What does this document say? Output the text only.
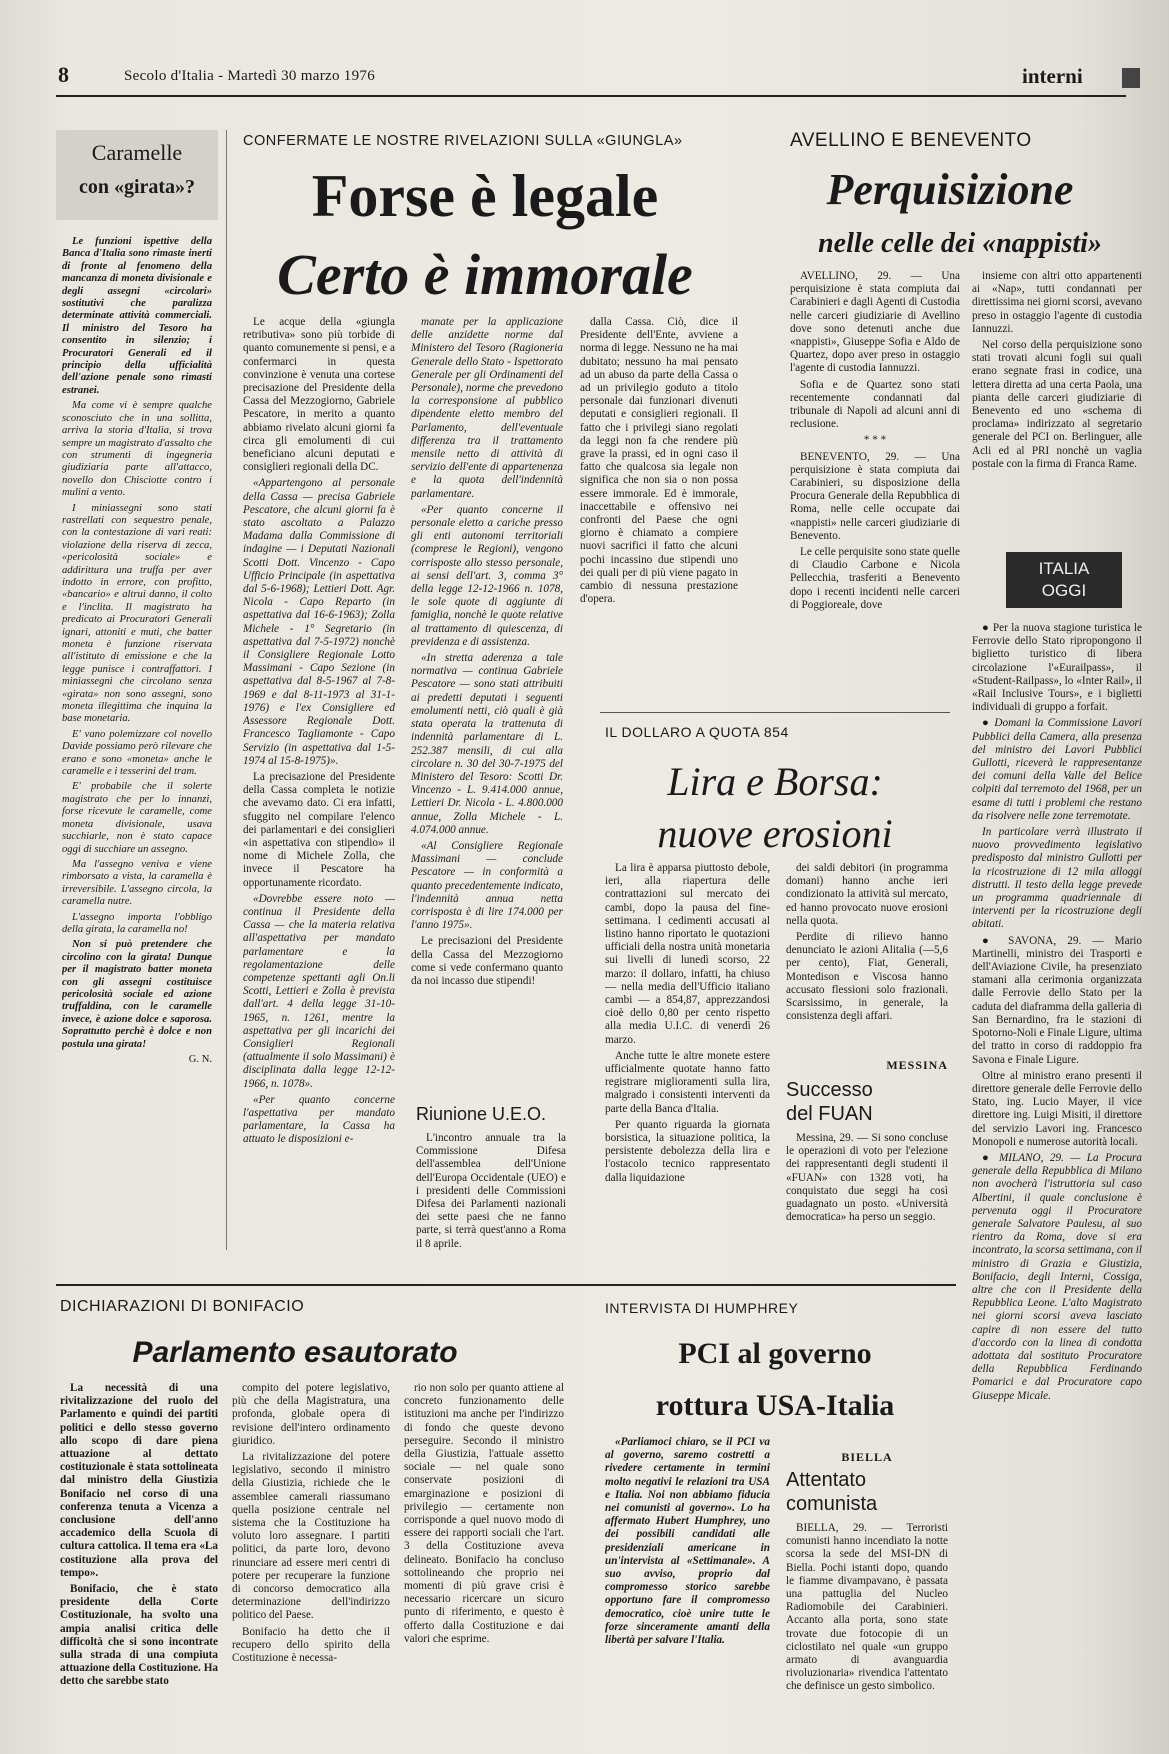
8	Secolo d'Italia - Martedì 30 marzo 1976	interni
Caramelle
con «girata»?

Le funzioni ispettive della Banca d'Italia sono rimaste inerti di fronte al fenomeno della mancanza di moneta divisionale e degli assegni «circolari» sostitutivi che paralizza determinate attività commerciali. Il ministro del Tesoro ha consentito in silenzio; i Procuratori Generali ed il principio della ufficialità dell'azione penale sono rimasti estranei.

Ma come vi è sempre qualche sconosciuto che in una sollitta, arriva la storia d'Italia, si trova sempre un magistrato d'assalto che con strumenti di ingegneria giudiziaria parte all'attacco, novello don Chisciotte contro i mulini a vento.

I miniassegni sono stati rastrellati con sequestro penale, con la contestazione di vari reati: violazione della riserva di zecca, «pericolosità sociale» e addirittura una truffa per aver indotto in errore, con profitto, «bancario» e altrui danno, il colto e l'inclita. Il magistrato ha predicato ai Procuratori Generali ignari, attoniti e muti, che batter moneta è funzione riservata all'istituto di emissione e che la legge punisce i contraffattori. I miniassegni che circolano senza «girata» non sono assegni, sono moneta illegittima che inquina la base monetaria.

E' vano polemizzare col novello Davide possiamo però rilevare che erano e sono «moneta» anche le caramelle e i tesserini del tram.

E' probabile che il solerte magistrato che per lo innanzi, forse ricevute le caramelle, come moneta divisionale, usava succhiarle, non è stato capace oggi di succhiare un assegno.

Ma l'assegno veniva e viene rimborsato a vista, la caramella è irreversibile. L'assegno circola, la caramella nutre.

L'assegno importa l'obbligo della girata, la caramella no!

Non si può pretendere che circolino con la girata! Dunque per il magistrato batter moneta con gli assegni costituisce pericolosità sociale ed azione truffaldina, con le caramelle invece, è azione dolce e saporosa. Soprattutto perchè è dolce e non postula una girata!

G. N.
CONFERMATE LE NOSTRE RIVELAZIONI SULLA «GIUNGLA»
Forse è legale
Certo è immorale

Le acque della «giungla retributiva» sono più torbide di quanto comunemente si pensi, e a confermarci in questa convinzione è venuta una cortese precisazione del Presidente della Cassa del Mezzogiorno, Gabriele Pescatore, in merito a quanto abbiamo rivelato alcuni giorni fa circa gli emolumenti di cui beneficiano alcuni deputati e consiglieri regionali della DC.

«Appartengono al personale della Cassa — precisa Gabriele Pescatore, che alcuni giorni fa è stato ascoltato a Palazzo Madama dalla Commissione di indagine — i Deputati Nazionali Scotti Dott. Vincenzo - Capo Ufficio Principale (in aspettativa dal 5-6-1968); Lettieri Dott. Agr. Nicola - Capo Reparto (in aspettativa dal 16-6-1963); Zolla Michele - 1° Segretario (in aspettativa dal 7-5-1972) nonchè il Consigliere Regionale Lotto Massimani - Capo Sezione (in aspettativa dal 8-5-1967 al 7-8-1969 e dal 8-11-1973 al 31-1-1976) e l'ex Consigliere ed Assessore Regionale Dott. Francesco Tagliamonte - Capo Servizio (in aspettativa dal 1-5-1974 al 15-8-1975)».

La precisazione del Presidente della Cassa completa le notizie che avevamo dato. Ci era infatti, sfuggito nel compilare l'elenco dei parlamentari e dei consiglieri «in aspettativa con stipendio» il nome di Michele Zolla, che invece il Pescatore ha opportunamente ricordato.

«Dovrebbe essere noto — continua il Presidente della Cassa — che la materia relativa all'aspettativa per mandato parlamentare e la regolamentazione delle competenze spettanti agli On.li Scotti, Lettieri e Zolla è prevista dall'art. 4 della legge 31-10-1965, n. 1261, mentre la aspettativa per gli incarichi dei Consiglieri Regionali (attualmente il solo Massimani) è disciplinata dalla legge 12-12-1966, n. 1078».

«Per quanto concerne l'aspettativa per mandato parlamentare, la Cassa ha attuato le disposizioni e-

manate per la applicazione delle anzidette norme dal Ministero del Tesoro (Ragioneria Generale dello Stato - Ispettorato Generale per gli Ordinamenti del Personale), norme che prevedono la corresponsione al pubblico dipendente eletto membro del Parlamento, dell'eventuale differenza tra il trattamento mensile netto di attività di servizio dell'ente di appartenenza e la quota dell'indennità parlamentare.

«Per quanto concerne il personale eletto a cariche presso gli enti autonomi territoriali (comprese le Regioni), vengono corrisposte allo stesso personale, ai sensi dell'art. 3, comma 3° della legge 12-12-1966 n. 1078, le sole quote di aggiunte di famiglia, nonchè le quote relative al trattamento di quiescenza, di previdenza e di assistenza.

«In stretta aderenza a tale normativa — continua Gabriele Pescatore — sono stati attribuiti ai predetti deputati i seguenti emolumenti netti, ciò quali è già stata operata la trattenuta di indennità parlamentare di L. 252.387 mensili, di cui alla circolare n. 30 del 30-7-1975 del Ministero del Tesoro: Scotti Dr. Vincenzo - L. 9.414.000 annue, Lettieri Dr. Nicola - L. 4.800.000 annue, Zolla Michele - L. 4.074.000 annue.

«Al Consigliere Regionale Massimani — conclude Pescatore — in conformità a quanto precedentemente indicato, l'indennità annua netta corrisposta è di lire 174.000 per l'anno 1975».

Le precisazioni del Presidente della Cassa del Mezzogiorno come si vede confermano quanto da noi incasso due stipendi!

dalla Cassa. Ciò, dice il Presidente dell'Ente, avviene a norma di legge. Nessuno ne ha mai dubitato; nessuno ha mai pensato ad un abuso da parte della Cassa o ad un privilegio goduto a titolo personale dai funzionari divenuti deputati e consiglieri regionali. Il fatto che i privilegi siano regolati da leggi non fa che rendere più grave la prassi, ed in ogni caso il fatto che qualcosa sia legale non significa che non sia o non possa essere immorale. Ed è immorale, inaccettabile e offensivo nei confronti del Paese che ogni giorno è chiamato a compiere nuovi sacrifici il fatto che alcuni pochi incassino due stipendi uno dei quali per di più viene pagato in cambio di nessuna prestazione d'opera.

Riunione U.E.O.

L'incontro annuale tra la Commissione Difesa dell'assemblea dell'Unione dell'Europa Occidentale (UEO) e i presidenti delle Commissioni Difesa dei Parlamenti nazionali dei sette paesi che ne fanno parte, si terrà quest'anno a Roma il 8 aprile.

AVELLINO E BENEVENTO
Perquisizione
nelle celle dei «nappisti»

AVELLINO, 29. — Una perquisizione è stata compiuta dai Carabinieri e dagli Agenti di Custodia nelle carceri giudiziarie di Avellino dove sono detenuti anche due «nappisti», Giuseppe Sofia e Aldo de Quartez, dopo aver preso in ostaggio l'agente di custodia Iannuzzi.

Sofia e de Quartez sono stati recentemente condannati dal tribunale di Napoli ad alcuni anni di reclusione.

* * *

BENEVENTO, 29. — Una perquisizione è stata compiuta dai Carabinieri, su disposizione della Procura Generale della Repubblica di Roma, nelle celle occupate dai «nappisti» nelle carceri giudiziarie di Benevento.

Le celle perquisite sono state quelle di Claudio Carbone e Nicola Pellecchia, trasferiti a Benevento dopo i recenti incidenti nelle carceri di Poggioreale, dove

insieme con altri otto appartenenti ai «Nap», tutti condannati per direttissima nei giorni scorsi, avevano preso in ostaggio l'agente di custodia Iannuzzi.

Nel corso della perquisizione sono stati trovati alcuni fogli sui quali erano segnate frasi in codice, una lettera diretta ad una certa Paola, una pianta delle carceri giudiziarie di Benevento ed uno «schema di proclama» indirizzato al segretario generale del PCI on. Berlinguer, alle Acli ed al PRI nonchè un vaglia postale con la firma di Franca Rame.

ITALIA
OGGI

● Per la nuova stagione turistica le Ferrovie dello Stato ripropongono il biglietto turistico di libera circolazione l'«Eurailpass», il «Student-Railpass», lo «Inter Rail», il «Rail Inclusive Tours», e i biglietti individuali di gruppo a forfait.

● Domani la Commissione Lavori Pubblici della Camera, alla presenza del ministro dei Lavori Pubblici Gullotti, riceverà le rappresentanze dei comuni della Valle del Belice colpiti dal terremoto del 1968, per un esame di tutti i problemi che restano da risolvere nelle zone terremotate.

In particolare verrà illustrato il nuovo provvedimento legislativo predisposto dal ministro Gullotti per la ricostruzione di 12 mila alloggi distrutti. Il testo della legge prevede un programma quadriennale di interventi per la ricostruzione degli abitati.

● SAVONA, 29. — Mario Martinelli, ministro dei Trasporti e dell'Aviazione Civile, ha presenziato stamani alla cerimonia organizzata dalle Ferrovie dello Stato per la caduta del diaframma della galleria di San Bernardino, fra le stazioni di Spotorno-Noli e Finale Ligure, ultima del tratto in corso di raddoppio fra Savona e Finale Ligure.

Oltre al ministro erano presenti il direttore generale delle Ferrovie dello Stato, ing. Lucio Mayer, il vice direttore ing. Luigi Misiti, il direttore del servizio Lavori ing. Francesco Monopoli e numerose autorità locali.

● MILANO, 29. — La Procura generale della Repubblica di Milano non avocherà l'istruttoria sul caso Albertini, il quale conclusione è pervenuta oggi il Procuratore generale Salvatore Paulesu, al suo rientro da Roma, dove si era incontrato, la scorsa settimana, con il ministro di Grazia e Giustizia, Bonifacio, degli Interni, Cossiga, altre che con il Presidente della Repubblica Leone. L'alto Magistrato nei giorni scorsi aveva lasciato capire di non essere del tutto d'accordo con la linea di condotta adottata dal sostituto Procuratore della Repubblica Ferdinando Pomarici e dal Procuratore capo Giuseppe Micale.

IL DOLLARO A QUOTA 854
Lira e Borsa:
nuove erosioni

La lira è apparsa piuttosto debole, ieri, alla riapertura delle contrattazioni sul mercato dei cambi, dopo la pausa del fine-settimana. I cedimenti accusati al listino hanno riportato le quotazioni ufficiali della nostra unità monetaria sui livelli di lunedì scorso, 22 marzo: il dollaro, infatti, ha chiuso — nella media dell'Ufficio italiano cambi — a 854,87, apprezzandosi cioè dello 0,80 per cento rispetto alla media U.I.C. di venerdì 26 marzo.

Anche tutte le altre monete estere ufficialmente quotate hanno fatto registrare miglioramenti sulla lira, malgrado i consistenti interventi da parte della Banca d'Italia.

Per quanto riguarda la giornata borsistica, la situazione politica, la persistente debolezza della lira e l'ostacolo tecnico rappresentato dalla liquidazione

dei saldi debitori (in programma domani) hanno anche ieri condizionato la attività sul mercato, ed hanno provocato nuove erosioni nella quota.

Perdite di rilievo hanno denunciato le azioni Alitalia (—5,6 per cento), Fiat, Generali, Montedison e Viscosa hanno accusato flessioni solo frazionali. Scarsissimo, in generale, la consistenza degli affari.

MESSINA
Successo
del FUAN

Messina, 29. — Si sono concluse le operazioni di voto per l'elezione dei rappresentanti degli studenti il «FUAN» con 1328 voti, ha conquistato due seggi ha così guadagnato un posto. «Università democratica» ha perso un seggio.

DICHIARAZIONI DI BONIFACIO
Parlamento esautorato

La necessità di una rivitalizzazione del ruolo del Parlamento e quindi dei partiti politici e dello stesso governo allo scopo di dare piena attuazione al dettato costituzionale è stata sottolineata dal ministro della Giustizia Bonifacio nel corso di una conferenza tenuta a Vicenza a conclusione dell'anno accademico della Scuola di cultura cattolica. Il tema era «La costituzione alla prova del tempo».

Bonifacio, che è stato presidente della Corte Costituzionale, ha svolto una ampia analisi critica delle difficoltà che si sono incontrate sulla strada di una compiuta attuazione della Costituzione. Ha detto che sarebbe stato

compito del potere legislativo, più che della Magistratura, una profonda, globale opera di revisione dell'intero ordinamento giuridico.

La rivitalizzazione del potere legislativo, secondo il ministro della Giustizia, richiede che le assemblee camerali riassumano quella posizione centrale nel sistema che la Costituzione ha voluto loro assegnare. I partiti politici, da parte loro, devono rinunciare ad essere meri centri di potere per recuperare la funzione di concorso democratico alla determinazione dell'indirizzo politico del Paese.

Bonifacio ha detto che il recupero dello spirito della Costituzione è necessa-

rio non solo per quanto attiene al concreto funzionamento delle istituzioni ma anche per l'indirizzo di fondo che queste devono perseguire. Secondo il ministro della Giustizia, l'attuale assetto sociale — nel quale sono conservate posizioni di emarginazione e posizioni di privilegio — certamente non corrisponde a quel nuovo modo di essere dei rapporti sociali che l'art. 3 della Costituzione aveva delineato. Bonifacio ha concluso sottolineando che proprio nei momenti di più grave crisi è necessario ricercare un sicuro punto di riferimento, e questo è offerto dalla Costituzione e dai valori che esprime.

INTERVISTA DI HUMPHREY
PCI al governo
rottura USA-Italia

«Parliamoci chiaro, se il PCI va al governo, saremo costretti a rivedere certamente in termini molto negativi le relazioni tra USA e Italia. Noi non abbiamo fiducia nei comunisti al governo». Lo ha affermato Hubert Humphrey, uno dei possibili candidati alle presidenziali americane in un'intervista al «Settimanale». A suo avviso, proprio dal compromesso storico sarebbe opportuno fare il compromesso democratico, cioè unire tutte le forze sinceramente amanti della libertà per salvare l'Italia.

BIELLA
Attentato
comunista

BIELLA, 29. — Terroristi comunisti hanno incendiato la notte scorsa la sede del MSI-DN di Biella. Pochi istanti dopo, quando le fiamme divampavano, è passata una pattuglia del Nucleo Radiomobile dei Carabinieri. Accanto alla porta, sono state trovate due fotocopie di un ciclostilato nel quale «un gruppo armato di avanguardia rivoluzionaria» rivendica l'attentato che definisce un gesto simbolico.
